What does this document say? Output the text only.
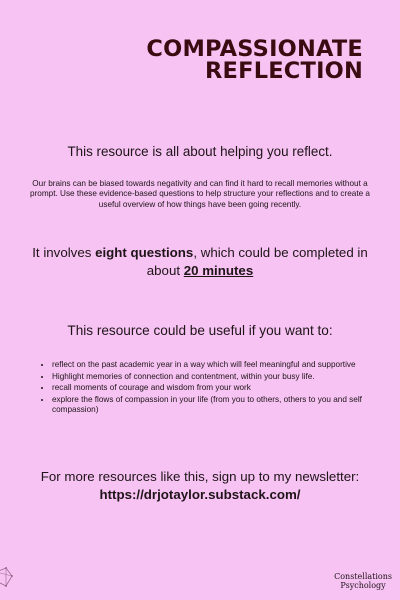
COMPASSIONATE
REFLECTION
This resource is all about helping you reflect.
Our brains can be biased towards negativity and can find it hard to recall memories without a prompt. Use these evidence-based questions to help structure your reflections and to create a useful overview of how things have been going recently.
It involves eight questions, which could be completed in about 20 minutes
This resource could be useful if you want to:
• reflect on the past academic year in a way which will feel meaningful and supportive
• Highlight memories of connection and contentment, within your busy life.
• recall moments of courage and wisdom from your work
• explore the flows of compassion in your life (from you to others, others to you and self compassion)
For more resources like this, sign up to my newsletter: https://drjotaylor.substack.com/
Constellations
Psychology
